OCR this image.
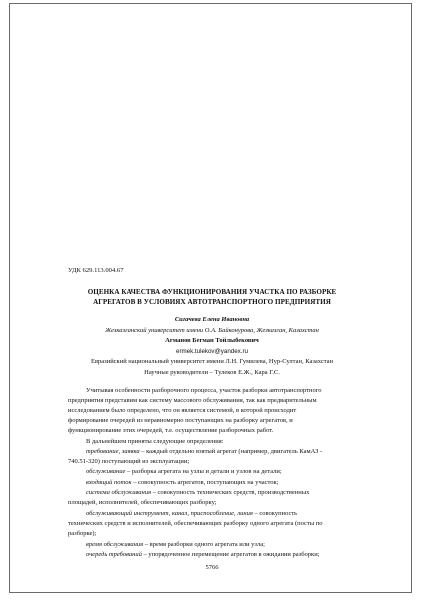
УДК 629.113.004.67
ОЦЕНКА КАЧЕСТВА ФУНКЦИОНИРОВАНИЯ УЧАСТКА ПО РАЗБОРКЕ
АГРЕГАТОВ В УСЛОВИЯХ АВТОТРАНСПОРТНОГО ПРЕДПРИЯТИЯ
Сигачева Елена Ивановна
Жезказганский университет имени О.А. Байконурова, Жезказган, Казахстан
Агманов Бегман Тойлыбекович
ermek.tulekov@yandex.ru
Евразийский национальный университет имени Л.Н. Гумилева, Нур-Султан, Казахстан
Научные руководители – Тулеков Е.Ж., Кара Г.С.
Учитывая особенности разборочного процесса, участок разборки автотранспортного
предприятия представим как систему массового обслуживания, так как предварительным
исследованием было определено, что он является системой, в которой происходит
формирование очередей из неравномерно поступающих на разборку агрегатов, и
функционирование этих очередей, т.е. осуществление разборочных работ.
В дальнейшем приняты следующие определения:
требование, заявка – каждый отдельно взятый агрегат (например, двигатель КамАЗ -
740.51-320) поступающий из эксплуатации;
обслуживание – разборка агрегата на узлы и детали и узлов на детали;
входящий поток – совокупность агрегатов, поступающих на участок;
система обслуживания – совокупность технических средств, производственных
площадей, исполнителей, обеспечивающих разборку;
обслуживающий инструмент, канал, приспособление, линия – совокупность
технических средств и исполнителей, обеспечивающих разборку одного агрегата (посты по
разборке);
время обслуживания – время разборки одного агрегата или узла;
очередь требований – упорядоченное перемещение агрегатов в ожидании разборки;
5766
